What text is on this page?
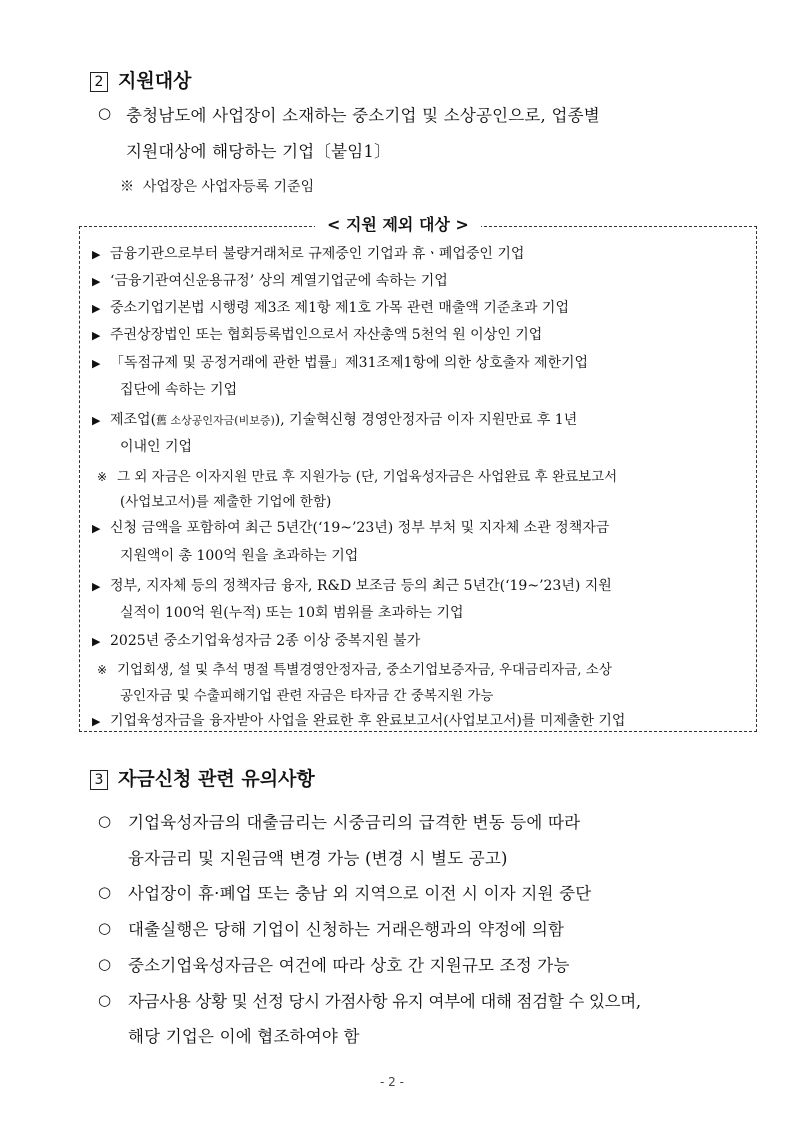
2 지원대상
○ 충청남도에 사업장이 소재하는 중소기업 및 소상공인으로, 업종별
지원대상에 해당하는 기업〔붙임1〕
※ 사업장은 사업자등록 기준임
< 지원 제외 대상 >
▶ 금융기관으로부터 불량거래처로 규제중인 기업과 휴ㆍ폐업중인 기업
▶ ‘금융기관여신운용규정’ 상의 계열기업군에 속하는 기업
▶ 중소기업기본법 시행령 제3조 제1항 제1호 가목 관련 매출액 기준초과 기업
▶ 주권상장법인 또는 협회등록법인으로서 자산총액 5천억 원 이상인 기업
▶ 「독점규제 및 공정거래에 관한 법률」제31조제1항에 의한 상호출자 제한기업
집단에 속하는 기업
▶ 제조업(舊 소상공인자금(비보증)), 기술혁신형 경영안정자금 이자 지원만료 후 1년
이내인 기업
※ 그 외 자금은 이자지원 만료 후 지원가능 (단, 기업육성자금은 사업완료 후 완료보고서
(사업보고서)를 제출한 기업에 한함)
▶ 신청 금액을 포함하여 최근 5년간(‘19~’23년) 정부 부처 및 지자체 소관 정책자금
지원액이 총 100억 원을 초과하는 기업
▶ 정부, 지자체 등의 정책자금 융자, R&D 보조금 등의 최근 5년간(‘19~’23년) 지원
실적이 100억 원(누적) 또는 10회 범위를 초과하는 기업
▶ 2025년 중소기업육성자금 2종 이상 중복지원 불가
※ 기업회생, 설 및 추석 명절 특별경영안정자금, 중소기업보증자금, 우대금리자금, 소상
공인자금 및 수출피해기업 관련 자금은 타자금 간 중복지원 가능
▶ 기업육성자금을 융자받아 사업을 완료한 후 완료보고서(사업보고서)를 미제출한 기업
3 자금신청 관련 유의사항
○ 기업육성자금의 대출금리는 시중금리의 급격한 변동 등에 따라
융자금리 및 지원금액 변경 가능 (변경 시 별도 공고)
○ 사업장이 휴·폐업 또는 충남 외 지역으로 이전 시 이자 지원 중단
○ 대출실행은 당해 기업이 신청하는 거래은행과의 약정에 의함
○ 중소기업육성자금은 여건에 따라 상호 간 지원규모 조정 가능
○ 자금사용 상황 및 선정 당시 가점사항 유지 여부에 대해 점검할 수 있으며,
해당 기업은 이에 협조하여야 함
- 2 -
